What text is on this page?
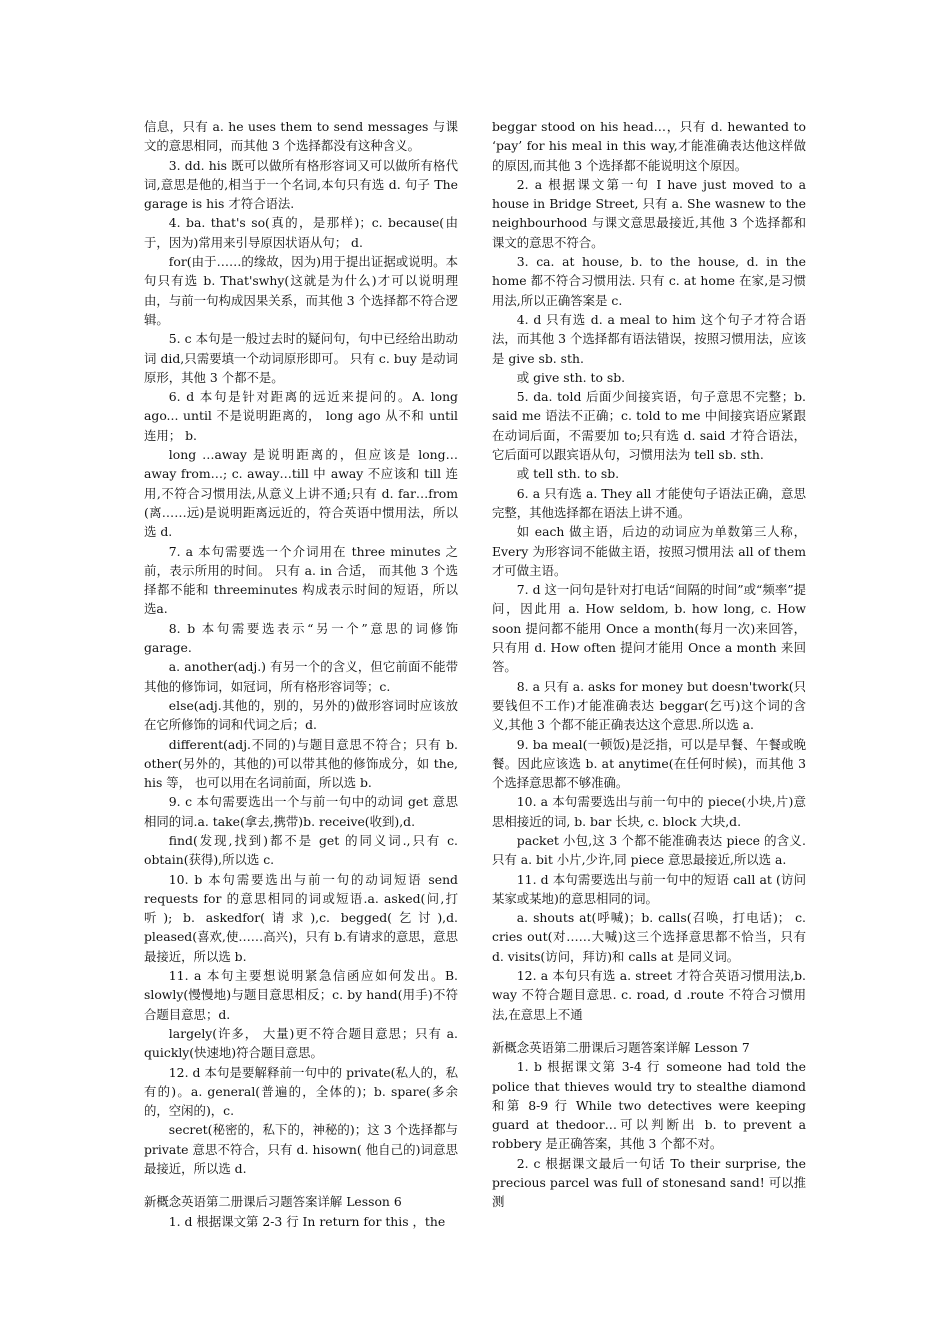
信息，只有 a. he uses them to send messages 与课文的意思相同，而其他 3 个选择都没有这种含义。

3. dd. his 既可以做所有格形容词又可以做所有格代词,意思是他的,相当于一个名词,本句只有选 d. 句子 The garage is his 才符合语法.

4. ba. that's so(真的，是那样)；c. because(由于，因为)常用来引导原因状语从句； d.

for(由于……的缘故，因为)用于提出证据或说明。本句只有选 b. That'swhy(这就是为什么)才可以说明理由，与前一句构成因果关系，而其他 3 个选择都不符合逻辑。

5. c 本句是一般过去时的疑问句，句中已经给出助动词 did,只需要填一个动词原形即可。 只有 c. buy 是动词原形，其他 3 个都不是。

6. d 本句是针对距离的远近来提问的。A. long ago... until 不是说明距离的， long ago 从不和 until 连用； b.

long …away 是说明距离的，但应该是 long…away from…; c. away…till 中 away 不应该和 till 连用,不符合习惯用法,从意义上讲不通;只有 d. far…from (离……远)是说明距离远近的，符合英语中惯用法，所以选 d.

7. a 本句需要选一个介词用在 three minutes 之前，表示所用的时间。 只有 a. in 合适， 而其他 3 个选择都不能和 threeminutes 构成表示时间的短语，所以选a.

8. b 本句需要选表示“另一个”意思的词修饰 garage.

a. another(adj.) 有另一个的含义，但它前面不能带其他的修饰词，如冠词，所有格形容词等；c.

else(adj.其他的，别的，另外的)做形容词时应该放在它所修饰的词和代词之后；d.

different(adj.不同的)与题目意思不符合；只有 b. other(另外的，其他的)可以带其他的修饰成分，如 the, his 等， 也可以用在名词前面，所以选 b.

9. c 本句需要选出一个与前一句中的动词 get 意思相同的词.a. take(拿去,携带)b. receive(收到),d.

find(发现,找到)都不是 get 的同义词.,只有 c. obtain(获得),所以选 c.

10. b 本句需要选出与前一句的动词短语 send requests for 的意思相同的词或短语.a. asked(问,打听); b. askedfor(请求),c. begged(乞讨),d. pleased(喜欢,使……高兴)，只有 b.有请求的意思，意思最接近，所以选 b.

11. a 本句主要想说明紧急信函应如何发出。B. slowly(慢慢地)与题目意思相反；c. by hand(用手)不符合题目意思；d.

largely(许多， 大量)更不符合题目意思；只有 a. quickly(快速地)符合题目意思。

12. d 本句是要解释前一句中的 private(私人的，私有的)。a. general(普遍的，全体的)；b. spare(多余的，空闲的)，c.

secret(秘密的，私下的，神秘的)；这 3 个选择都与 private 意思不符合，只有 d. hisown( 他自己的)词意思最接近，所以选 d.

新概念英语第二册课后习题答案详解 Lesson 6

1. d 根据课文第 2-3 行 In return for this ，the

beggar stood on his head…，只有 d. hewanted to ‘pay’ for his meal in this way,才能准确表达他这样做的原因,而其他 3 个选择都不能说明这个原因。

2. a 根据课文第一句 I have just moved to a house in Bridge Street, 只有 a. She wasnew to the neighbourhood 与课文意思最接近,其他 3 个选择都和课文的意思不符合。

3. ca. at house, b. to the house, d. in the home 都不符合习惯用法. 只有 c. at home 在家,是习惯用法,所以正确答案是 c.

4. d 只有选 d. a meal to him 这个句子才符合语法，而其他 3 个选择都有语法错误，按照习惯用法，应该是 give sb. sth.

或 give sth. to sb.

5. da. told 后面少间接宾语，句子意思不完整；b. said me 语法不正确；c. told to me 中间接宾语应紧跟在动词后面，不需要加 to;只有选 d. said 才符合语法，它后面可以跟宾语从句，习惯用法为 tell sb. sth.

或 tell sth. to sb.

6. a 只有选 a. They all 才能使句子语法正确，意思完整，其他选择都在语法上讲不通。

如 each 做主语，后边的动词应为单数第三人称，Every 为形容词不能做主语，按照习惯用法 all of them 才可做主语。

7. d 这一问句是针对打电话“间隔的时间”或“频率”提问，因此用 a. How seldom, b. how long, c. How soon 提问都不能用 Once a month(每月一次)来回答，只有用 d. How often 提问才能用 Once a month 来回答。

8. a 只有 a. asks for money but doesn'twork(只要钱但不工作)才能准确表达 beggar(乞丐)这个词的含义,其他 3 个都不能正确表达这个意思.所以选 a.

9. ba meal(一顿饭)是泛指，可以是早餐、午餐或晚餐。因此应该选 b. at anytime(在任何时候)，而其他 3 个选择意思都不够准确。

10. a 本句需要选出与前一句中的 piece(小块,片)意思相接近的词, b. bar 长块, c. block 大块,d.

packet 小包,这 3 个都不能准确表达 piece 的含义.只有 a. bit 小片,少许,同 piece 意思最接近,所以选 a.

11. d 本句需要选出与前一句中的短语 call at (访问某家或某地)的意思相同的词。

a. shouts at(呼喊)；b. calls(召唤，打电话)； c. cries out(对……大喊)这三个选择意思都不恰当，只有 d. visits(访问，拜访)和 calls at 是同义词。

12. a 本句只有选 a. street 才符合英语习惯用法,b. way 不符合题目意思. c. road, d .route 不符合习惯用法,在意思上不通

新概念英语第二册课后习题答案详解 Lesson 7

1. b 根据课文第 3-4 行 someone had told the police that thieves would try to stealthe diamond 和第 8-9 行 While two detectives were keeping guard at thedoor…可以判断出 b. to prevent a robbery 是正确答案，其他 3 个都不对。

2. c 根据课文最后一句话 To their surprise, the precious parcel was full of stonesand sand! 可以推测
